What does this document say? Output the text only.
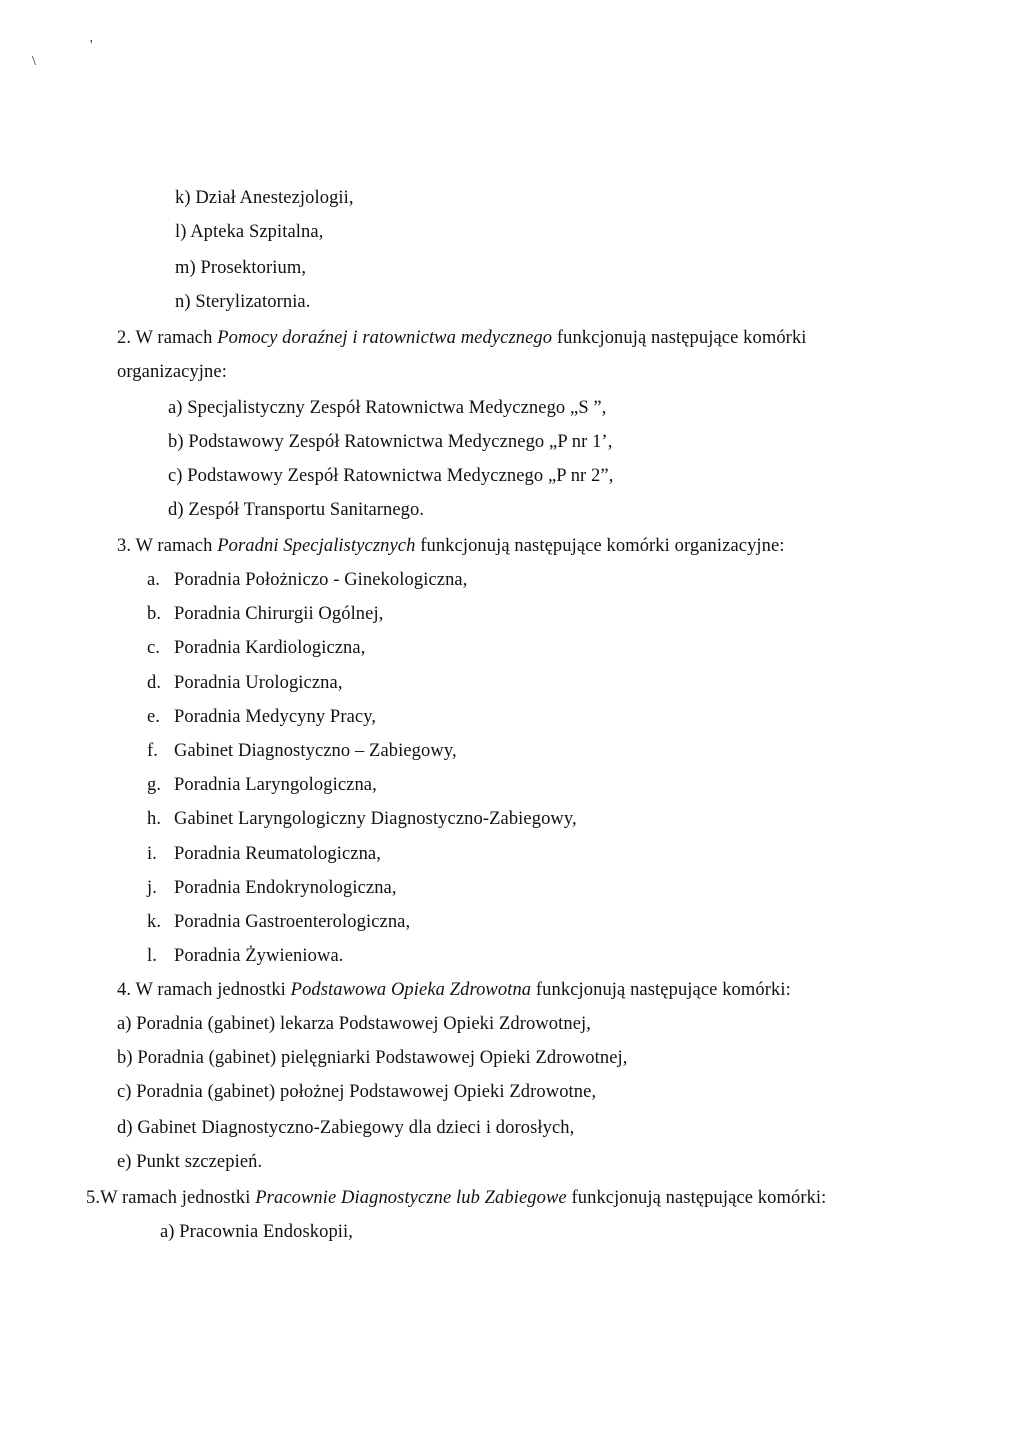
\
'
k) Dział Anestezjologii,
l) Apteka Szpitalna,
m) Prosektorium,
n) Sterylizatornia.
2. W ramach Pomocy doraźnej i ratownictwa medycznego funkcjonują następujące komórki
organizacyjne:
a) Specjalistyczny Zespół Ratownictwa Medycznego „S ”,
b) Podstawowy Zespół Ratownictwa Medycznego „P nr 1’,
c) Podstawowy Zespół Ratownictwa Medycznego „P nr 2”,
d) Zespół Transportu Sanitarnego.
3. W ramach Poradni Specjalistycznych funkcjonują następujące komórki organizacyjne:
a. Poradnia Położniczo - Ginekologiczna,
b. Poradnia Chirurgii Ogólnej,
c. Poradnia Kardiologiczna,
d. Poradnia Urologiczna,
e. Poradnia Medycyny Pracy,
f. Gabinet Diagnostyczno – Zabiegowy,
g. Poradnia Laryngologiczna,
h. Gabinet Laryngologiczny Diagnostyczno-Zabiegowy,
i. Poradnia Reumatologiczna,
j. Poradnia Endokrynologiczna,
k. Poradnia Gastroenterologiczna,
l. Poradnia Żywieniowa.
4. W ramach jednostki Podstawowa Opieka Zdrowotna funkcjonują następujące komórki:
a) Poradnia (gabinet) lekarza Podstawowej Opieki Zdrowotnej,
b) Poradnia (gabinet) pielęgniarki Podstawowej Opieki Zdrowotnej,
c) Poradnia (gabinet) położnej Podstawowej Opieki Zdrowotne,
d) Gabinet Diagnostyczno-Zabiegowy dla dzieci i dorosłych,
e) Punkt szczepień.
5.W ramach jednostki Pracownie Diagnostyczne lub Zabiegowe funkcjonują następujące komórki:
a) Pracownia Endoskopii,
